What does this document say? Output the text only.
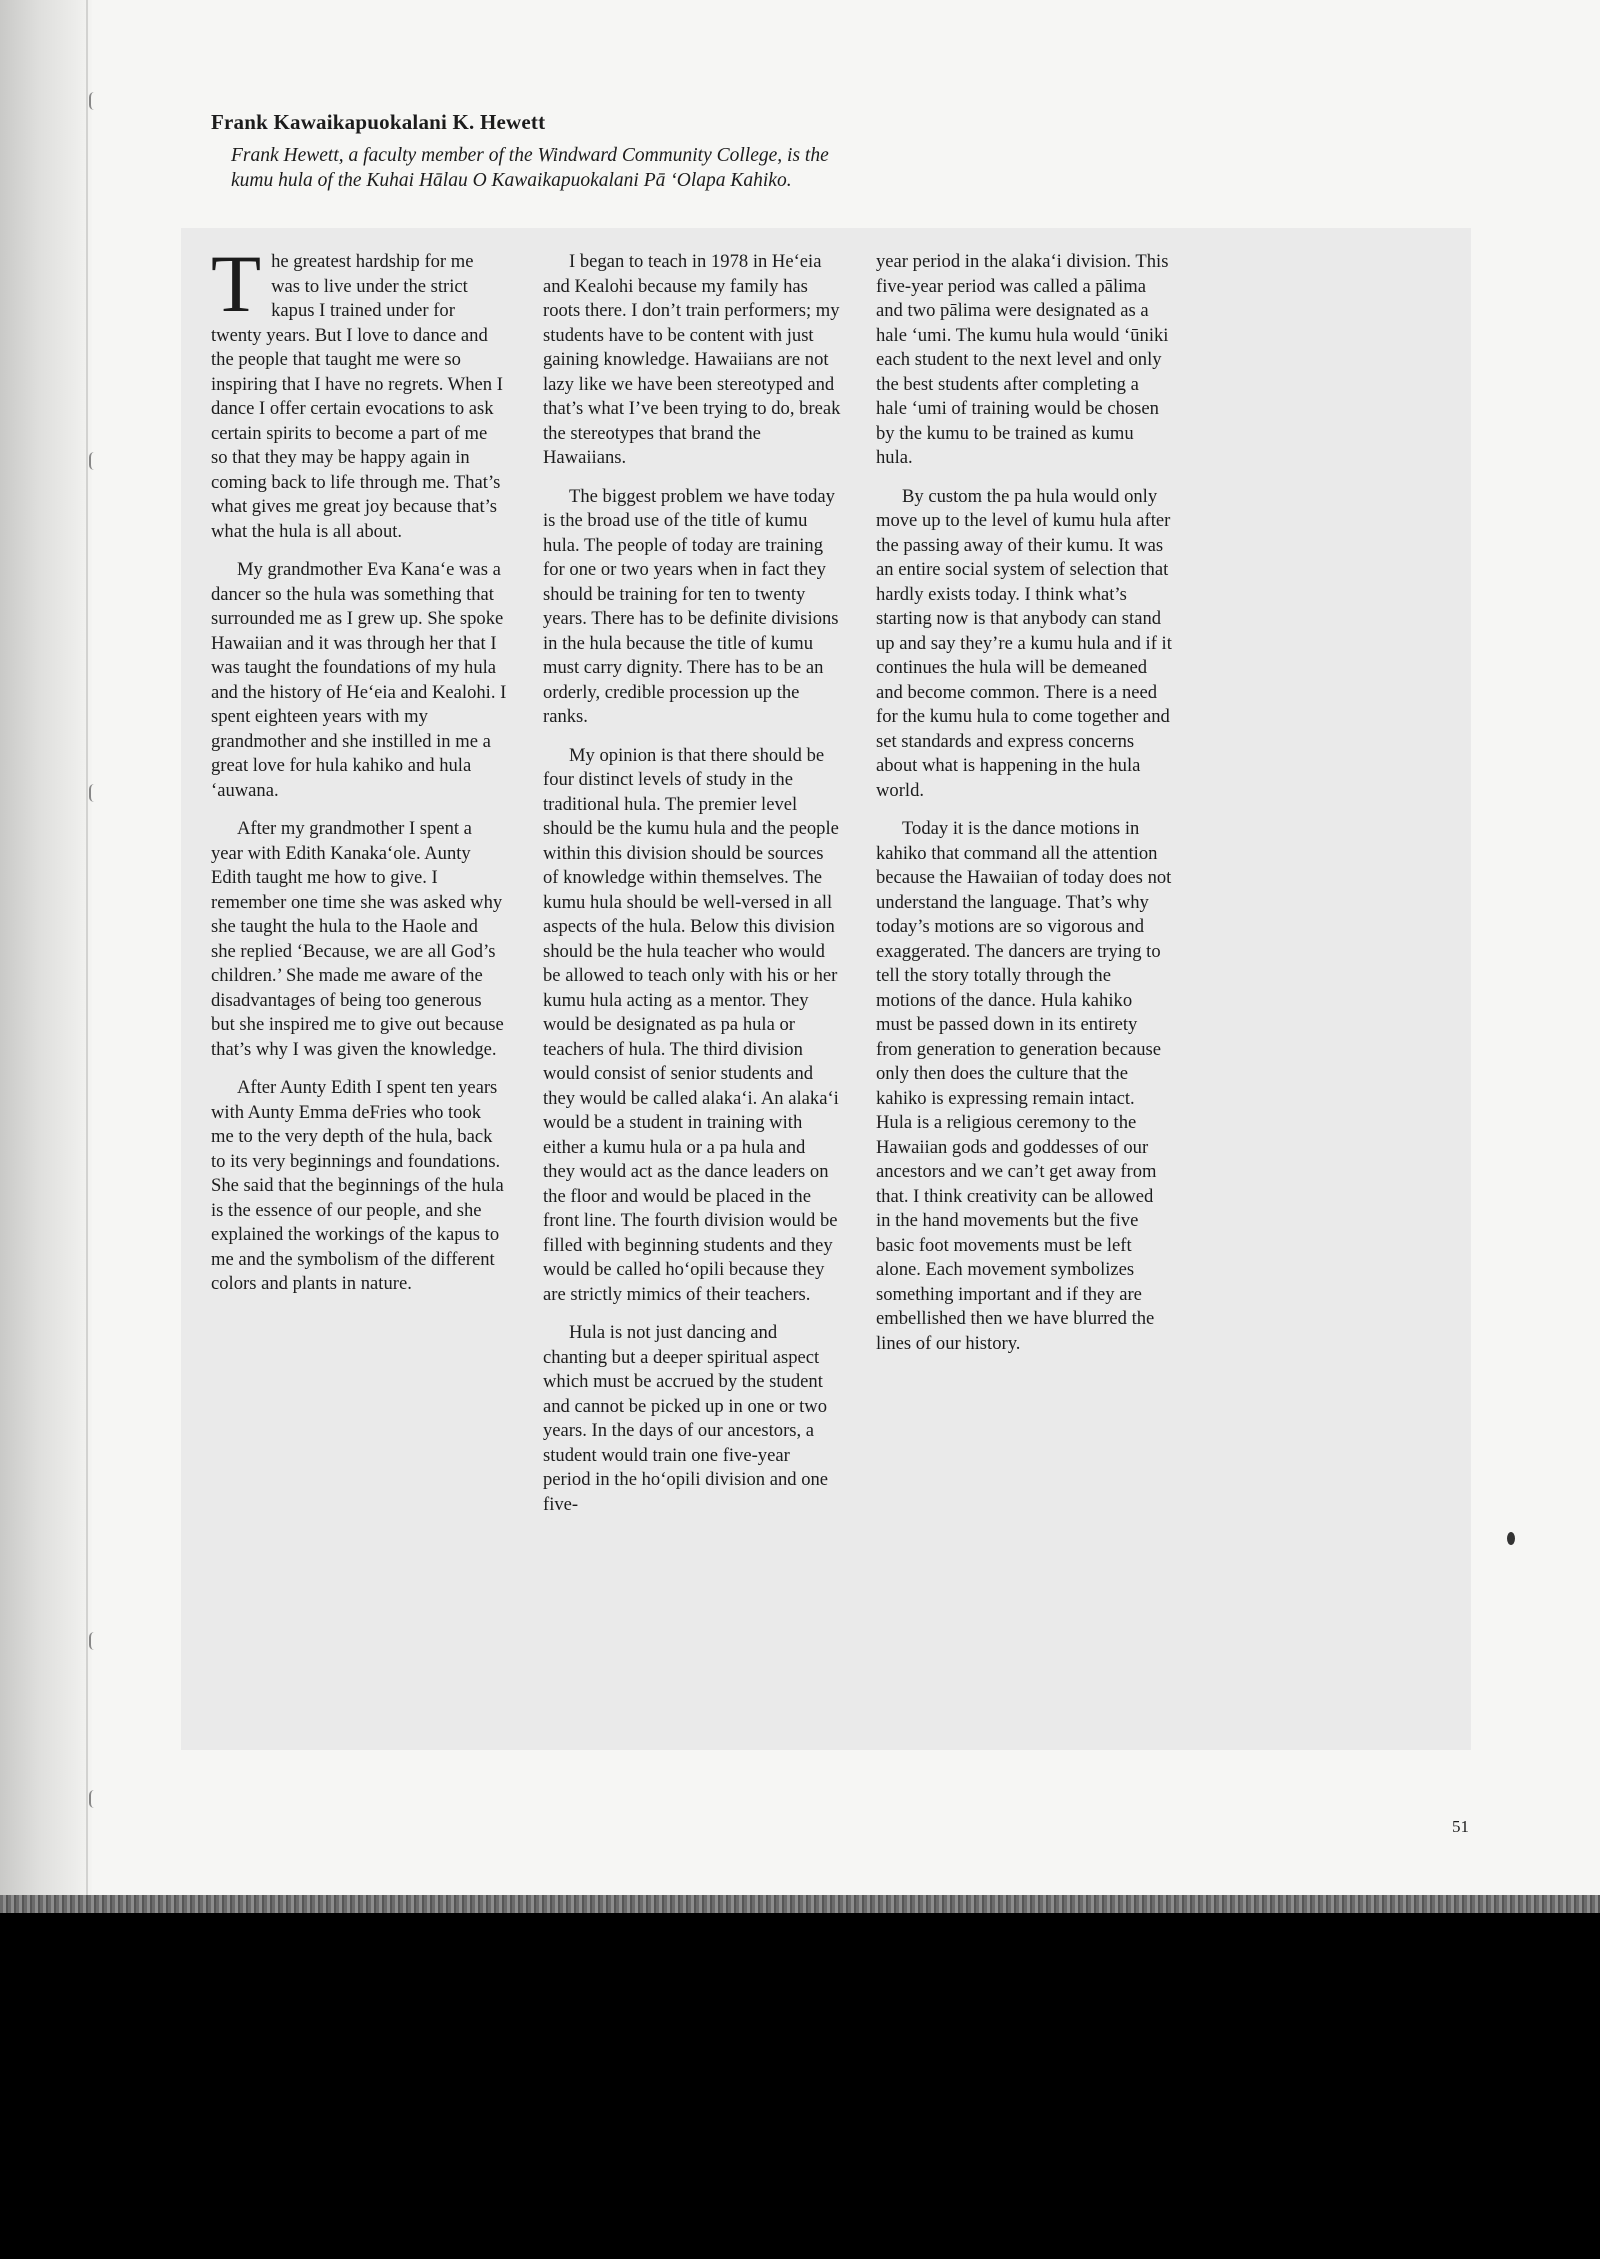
Frank Kawaikapuokalani K. Hewett

Frank Hewett, a faculty member of the Windward Community College, is the kumu hula of the Kuhai Hālau O Kawaikapuokalani Pā ‘Olapa Kahiko.

The greatest hardship for me was to live under the strict kapus I trained under for twenty years. But I love to dance and the people that taught me were so inspiring that I have no regrets. When I dance I offer certain evocations to ask certain spirits to become a part of me so that they may be happy again in coming back to life through me. That’s what gives me great joy because that’s what the hula is all about.

My grandmother Eva Kana‘e was a dancer so the hula was something that surrounded me as I grew up. She spoke Hawaiian and it was through her that I was taught the foundations of my hula and the history of He‘eia and Kealohi. I spent eighteen years with my grandmother and she instilled in me a great love for hula kahiko and hula ‘auwana.

After my grandmother I spent a year with Edith Kanaka‘ole. Aunty Edith taught me how to give. I remember one time she was asked why she taught the hula to the Haole and she replied ‘Because, we are all God’s children.’ She made me aware of the disadvantages of being too generous but she inspired me to give out because that’s why I was given the knowledge.

After Aunty Edith I spent ten years with Aunty Emma deFries who took me to the very depth of the hula, back to its very beginnings and foundations. She said that the beginnings of the hula is the essence of our people, and she explained the workings of the kapus to me and the symbolism of the different colors and plants in nature.

I began to teach in 1978 in He‘eia and Kealohi because my family has roots there. I don’t train performers; my students have to be content with just gaining knowledge. Hawaiians are not lazy like we have been stereotyped and that’s what I’ve been trying to do, break the stereotypes that brand the Hawaiians.

The biggest problem we have today is the broad use of the title of kumu hula. The people of today are training for one or two years when in fact they should be training for ten to twenty years. There has to be definite divisions in the hula because the title of kumu must carry dignity. There has to be an orderly, credible procession up the ranks.

My opinion is that there should be four distinct levels of study in the traditional hula. The premier level should be the kumu hula and the people within this division should be sources of knowledge within themselves. The kumu hula should be well-versed in all aspects of the hula. Below this division should be the hula teacher who would be allowed to teach only with his or her kumu hula acting as a mentor. They would be designated as pa hula or teachers of hula. The third division would consist of senior students and they would be called alaka‘i. An alaka‘i would be a student in training with either a kumu hula or a pa hula and they would act as the dance leaders on the floor and would be placed in the front line. The fourth division would be filled with beginning students and they would be called ho‘opili because they are strictly mimics of their teachers.

Hula is not just dancing and chanting but a deeper spiritual aspect which must be accrued by the student and cannot be picked up in one or two years. In the days of our ancestors, a student would train one five-year period in the ho‘opili division and one five-

year period in the alaka‘i division. This five-year period was called a pālima and two pālima were designated as a hale ‘umi. The kumu hula would ‘ūniki each student to the next level and only the best students after completing a hale ‘umi of training would be chosen by the kumu to be trained as kumu hula.

By custom the pa hula would only move up to the level of kumu hula after the passing away of their kumu. It was an entire social system of selection that hardly exists today. I think what’s starting now is that anybody can stand up and say they’re a kumu hula and if it continues the hula will be demeaned and become common. There is a need for the kumu hula to come together and set standards and express concerns about what is happening in the hula world.

Today it is the dance motions in kahiko that command all the attention because the Hawaiian of today does not understand the language. That’s why today’s motions are so vigorous and exaggerated. The dancers are trying to tell the story totally through the motions of the dance. Hula kahiko must be passed down in its entirety from generation to generation because only then does the culture that the kahiko is expressing remain intact. Hula is a religious ceremony to the Hawaiian gods and goddesses of our ancestors and we can’t get away from that. I think creativity can be allowed in the hand movements but the five basic foot movements must be left alone. Each movement symbolizes something important and if they are embellished then we have blurred the lines of our history.

51
